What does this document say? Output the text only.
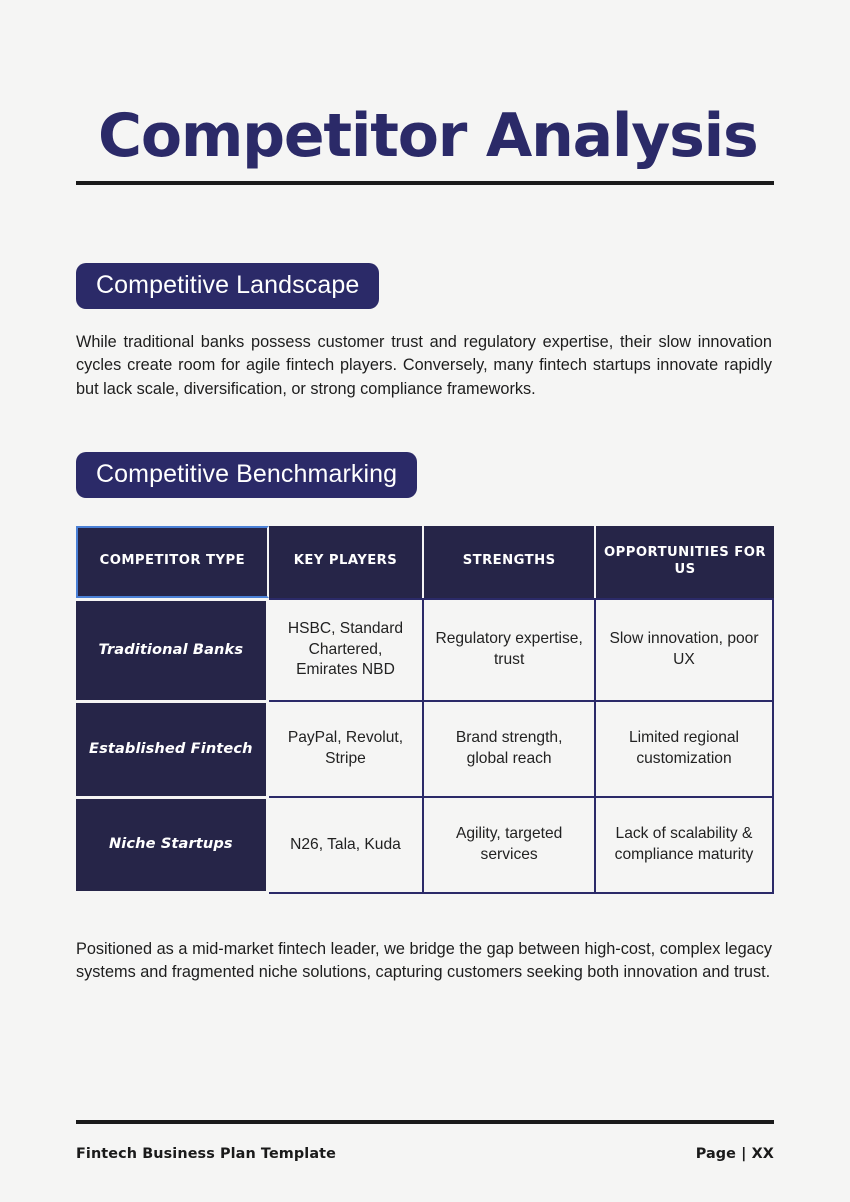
Competitor Analysis
Competitive Landscape

While traditional banks possess customer trust and regulatory expertise, their slow innovation cycles create room for agile fintech players. Conversely, many fintech startups innovate rapidly but lack scale, diversification, or strong compliance frameworks.

Competitive Benchmarking
COMPETITOR TYPE	KEY PLAYERS	STRENGTHS	OPPORTUNITIES FOR US
Traditional Banks	HSBC, Standard Chartered, Emirates NBD	Regulatory expertise, trust	Slow innovation, poor UX
Established Fintech	PayPal, Revolut, Stripe	Brand strength, global reach	Limited regional customization
Niche Startups	N26, Tala, Kuda	Agility, targeted services	Lack of scalability & compliance maturity

Positioned as a mid-market fintech leader, we bridge the gap between high-cost, complex legacy systems and fragmented niche solutions, capturing customers seeking both innovation and trust.

Fintech Business Plan Template	Page | XX
